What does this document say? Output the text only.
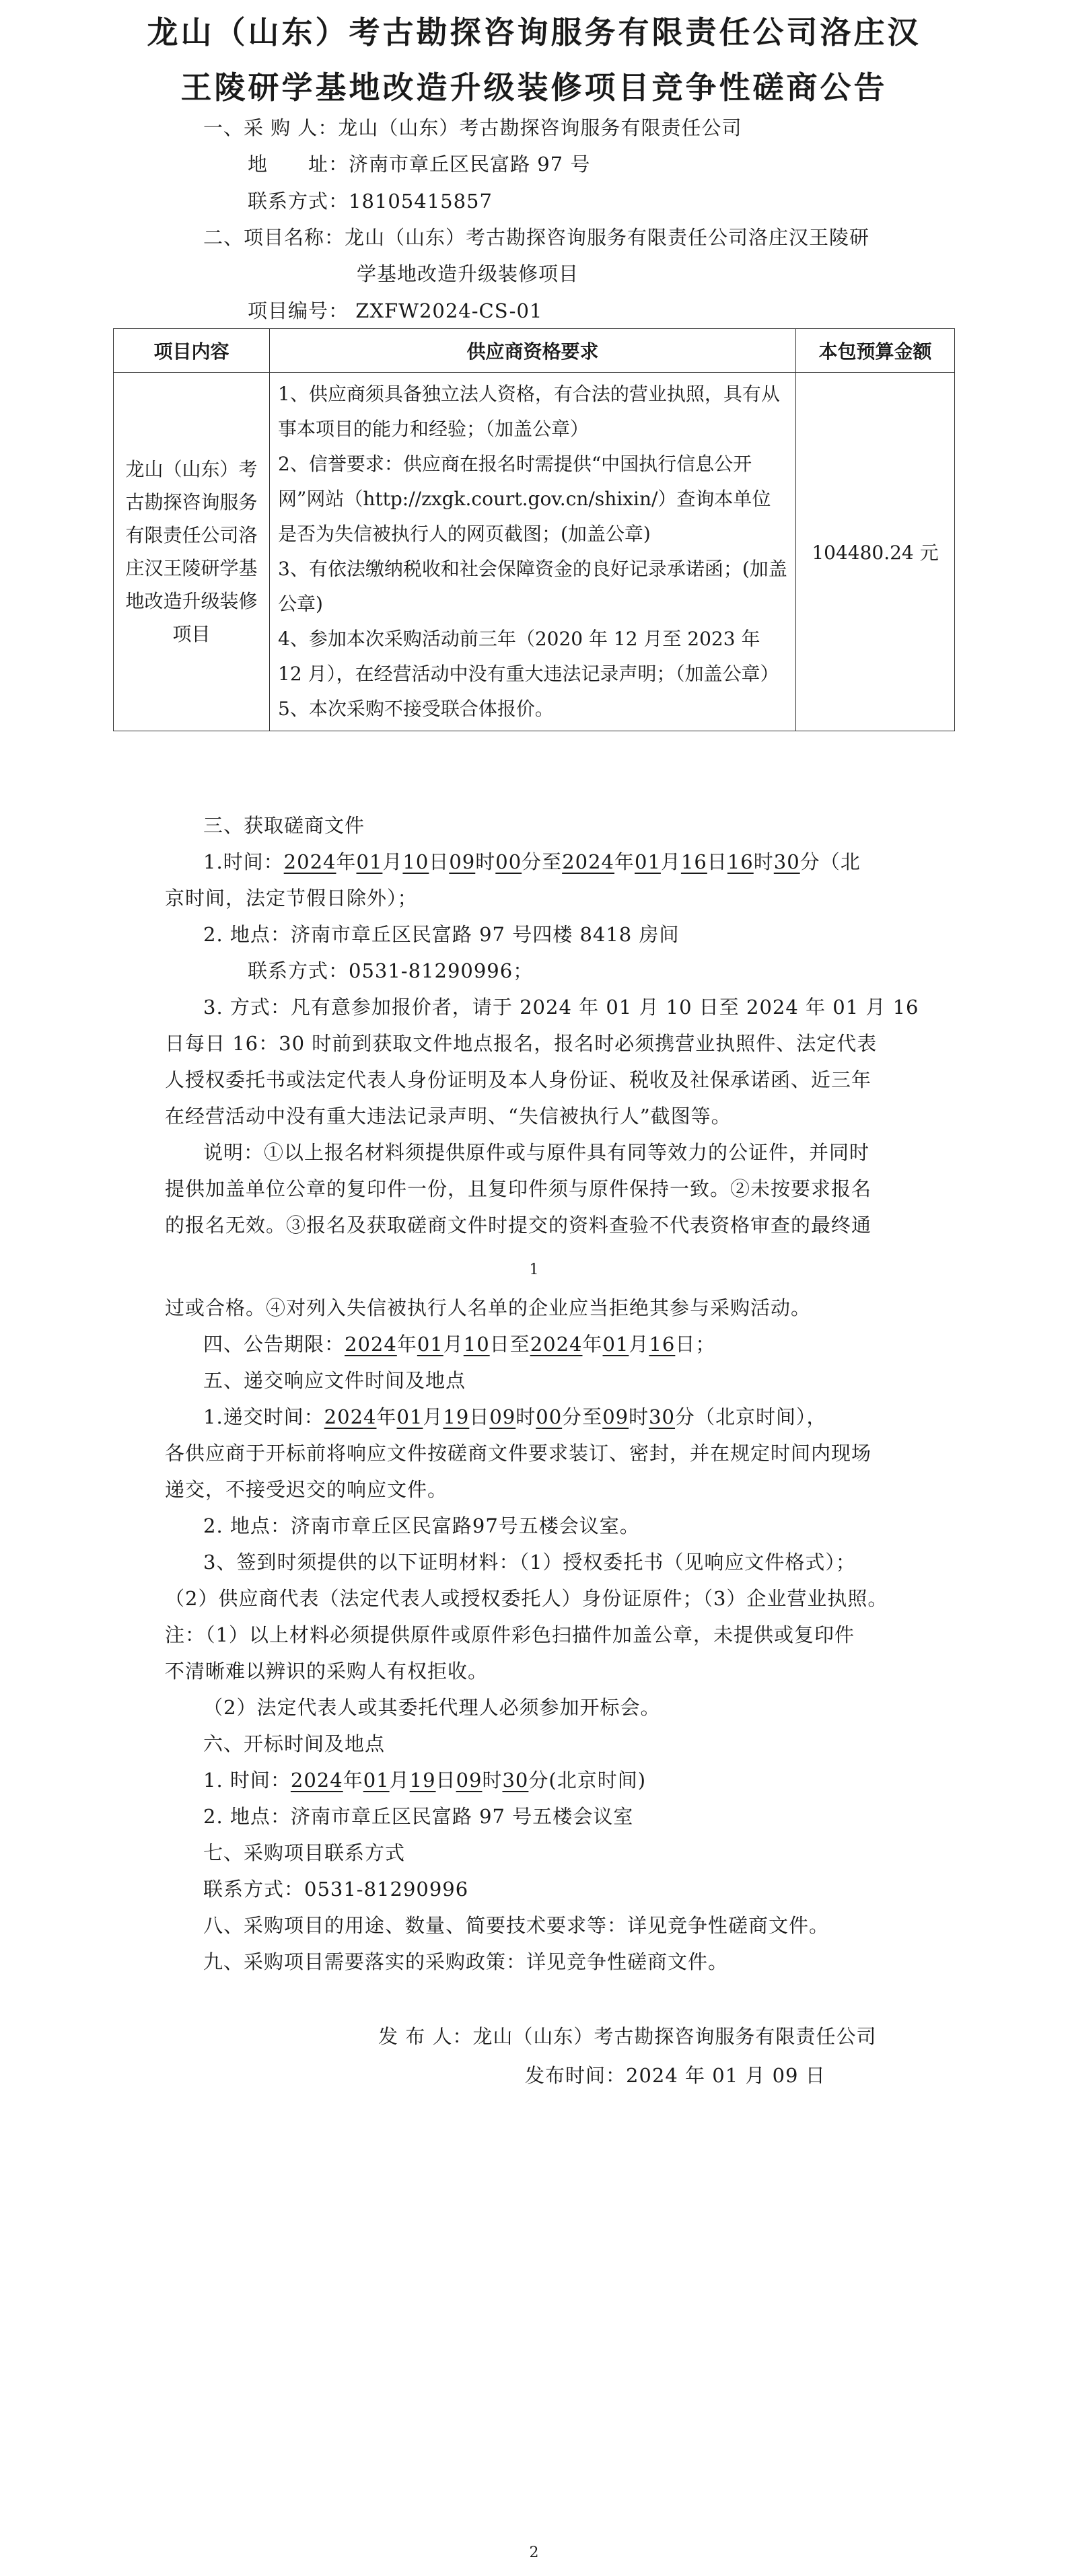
龙山（山东）考古勘探咨询服务有限责任公司洛庄汉
王陵研学基地改造升级装修项目竞争性磋商公告
一、采 购 人：龙山（山东）考古勘探咨询服务有限责任公司
地　　址：济南市章丘区民富路 97 号
联系方式：18105415857
二、项目名称：龙山（山东）考古勘探咨询服务有限责任公司洛庄汉王陵研
学基地改造升级装修项目
项目编号： ZXFW2024-CS-01
项目内容	供应商资格要求	本包预算金额
龙山（山东）考古勘探咨询服务有限责任公司洛庄汉王陵研学基地改造升级装修项目	1、供应商须具备独立法人资格，有合法的营业执照，具有从事本项目的能力和经验；（加盖公章）
2、信誉要求：供应商在报名时需提供“中国执行信息公开网”网站（http://zxgk.court.gov.cn/shixin/）查询本单位是否为失信被执行人的网页截图；(加盖公章)
3、有依法缴纳税收和社会保障资金的良好记录承诺函；(加盖公章)
4、参加本次采购活动前三年（2020 年 12 月至 2023 年 12 月），在经营活动中没有重大违法记录声明；（加盖公章）
5、本次采购不接受联合体报价。	104480.24 元
三、获取磋商文件
1.时间：2024年01月10日09时00分至2024年01月16日16时30分（北
京时间，法定节假日除外）；
2. 地点：济南市章丘区民富路 97 号四楼 8418 房间
联系方式：0531-81290996；
3. 方式：凡有意参加报价者，请于 2024 年 01 月 10 日至 2024 年 01 月 16
日每日 16：30 时前到获取文件地点报名，报名时必须携营业执照件、法定代表
人授权委托书或法定代表人身份证明及本人身份证、税收及社保承诺函、近三年
在经营活动中没有重大违法记录声明、“失信被执行人”截图等。
说明：①以上报名材料须提供原件或与原件具有同等效力的公证件，并同时
提供加盖单位公章的复印件一份，且复印件须与原件保持一致。②未按要求报名
的报名无效。③报名及获取磋商文件时提交的资料查验不代表资格审查的最终通
1
过或合格。④对列入失信被执行人名单的企业应当拒绝其参与采购活动。
四、公告期限：2024年01月10日至2024年01月16日；
五、递交响应文件时间及地点
1.递交时间：2024年01月19日09时00分至09时30分（北京时间），
各供应商于开标前将响应文件按磋商文件要求装订、密封，并在规定时间内现场
递交，不接受迟交的响应文件。
2. 地点：济南市章丘区民富路97号五楼会议室。
3、签到时须提供的以下证明材料：（1）授权委托书（见响应文件格式）；
（2）供应商代表（法定代表人或授权委托人）身份证原件；（3）企业营业执照。
注：（1）以上材料必须提供原件或原件彩色扫描件加盖公章，未提供或复印件
不清晰难以辨识的采购人有权拒收。
（2）法定代表人或其委托代理人必须参加开标会。
六、开标时间及地点
1. 时间：2024年01月19日09时30分(北京时间)
2. 地点：济南市章丘区民富路 97 号五楼会议室
七、采购项目联系方式
联系方式：0531-81290996
八、采购项目的用途、数量、简要技术要求等：详见竞争性磋商文件。
九、采购项目需要落实的采购政策：详见竞争性磋商文件。
发 布 人：龙山（山东）考古勘探咨询服务有限责任公司
发布时间：2024 年 01 月 09 日
2
